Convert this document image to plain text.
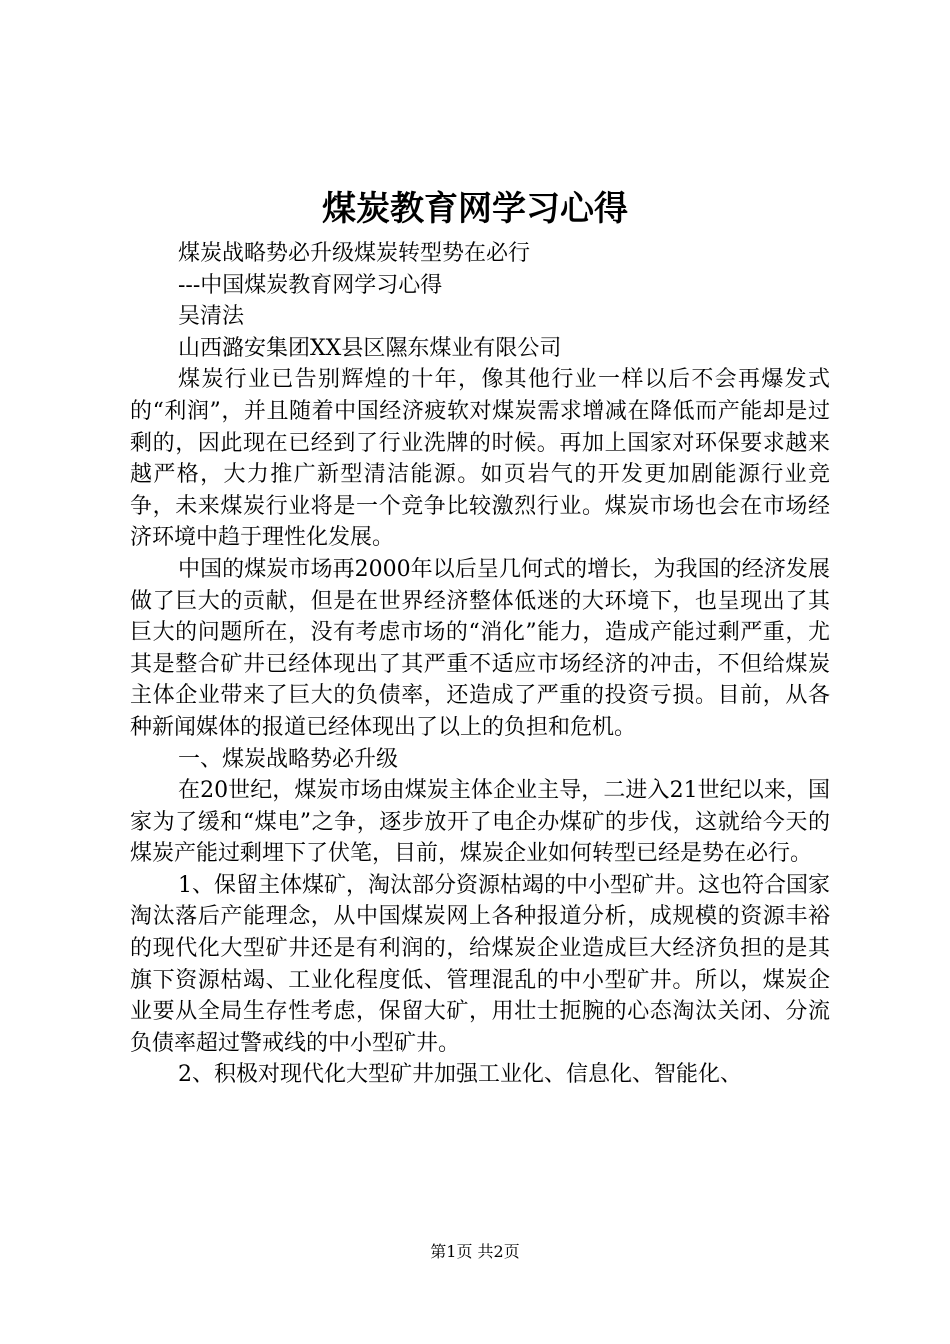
煤炭教育网学习心得

煤炭战略势必升级煤炭转型势在必行

---中国煤炭教育网学习心得

吴清法

山西潞安集团XX县区隰东煤业有限公司

煤炭行业已告别辉煌的十年，像其他行业一样以后不会再爆发式的“利润”，并且随着中国经济疲软对煤炭需求增减在降低而产能却是过剩的，因此现在已经到了行业洗牌的时候。再加上国家对环保要求越来越严格，大力推广新型清洁能源。如页岩气的开发更加剧能源行业竞争，未来煤炭行业将是一个竞争比较激烈行业。煤炭市场也会在市场经济环境中趋于理性化发展。

中国的煤炭市场再2000年以后呈几何式的增长，为我国的经济发展做了巨大的贡献，但是在世界经济整体低迷的大环境下，也呈现出了其巨大的问题所在，没有考虑市场的“消化”能力，造成产能过剩严重，尤其是整合矿井已经体现出了其严重不适应市场经济的冲击，不但给煤炭主体企业带来了巨大的负债率，还造成了严重的投资亏损。目前，从各种新闻媒体的报道已经体现出了以上的负担和危机。

一、煤炭战略势必升级

在20世纪，煤炭市场由煤炭主体企业主导，二进入21世纪以来，国家为了缓和“煤电”之争，逐步放开了电企办煤矿的步伐，这就给今天的煤炭产能过剩埋下了伏笔，目前，煤炭企业如何转型已经是势在必行。

1、保留主体煤矿，淘汰部分资源枯竭的中小型矿井。这也符合国家淘汰落后产能理念，从中国煤炭网上各种报道分析，成规模的资源丰裕的现代化大型矿井还是有利润的，给煤炭企业造成巨大经济负担的是其旗下资源枯竭、工业化程度低、管理混乱的中小型矿井。所以，煤炭企业要从全局生存性考虑，保留大矿，用壮士扼腕的心态淘汰关闭、分流负债率超过警戒线的中小型矿井。

2、积极对现代化大型矿井加强工业化、信息化、智能化、

第1页 共2页
